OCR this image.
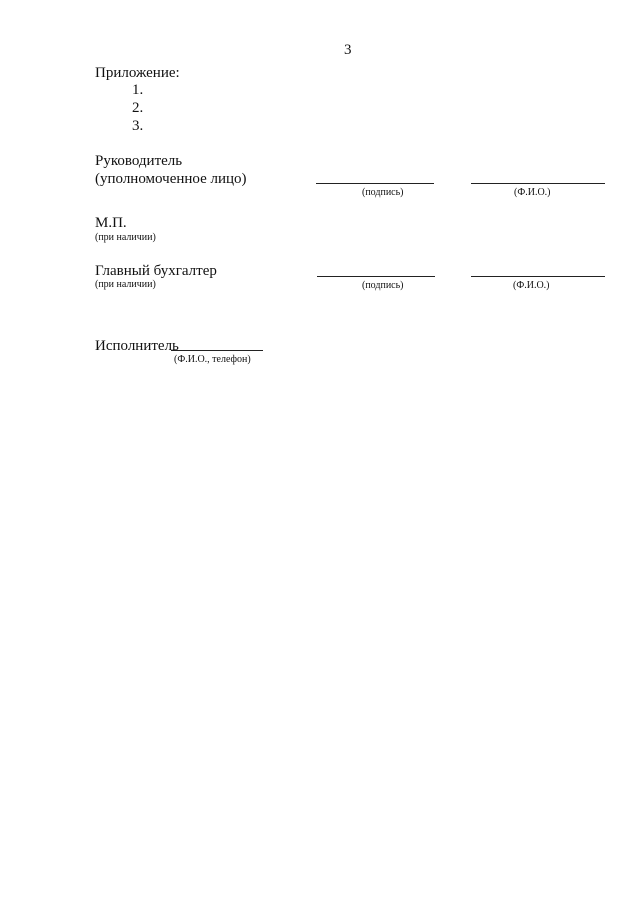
3
Приложение:
1.
2.
3.
Руководитель
(уполномоченное лицо)
(подпись)	(Ф.И.О.)
М.П.
(при наличии)
Главный бухгалтер
(при наличии)	(подпись)	(Ф.И.О.)
Исполнитель
(Ф.И.О., телефон)
